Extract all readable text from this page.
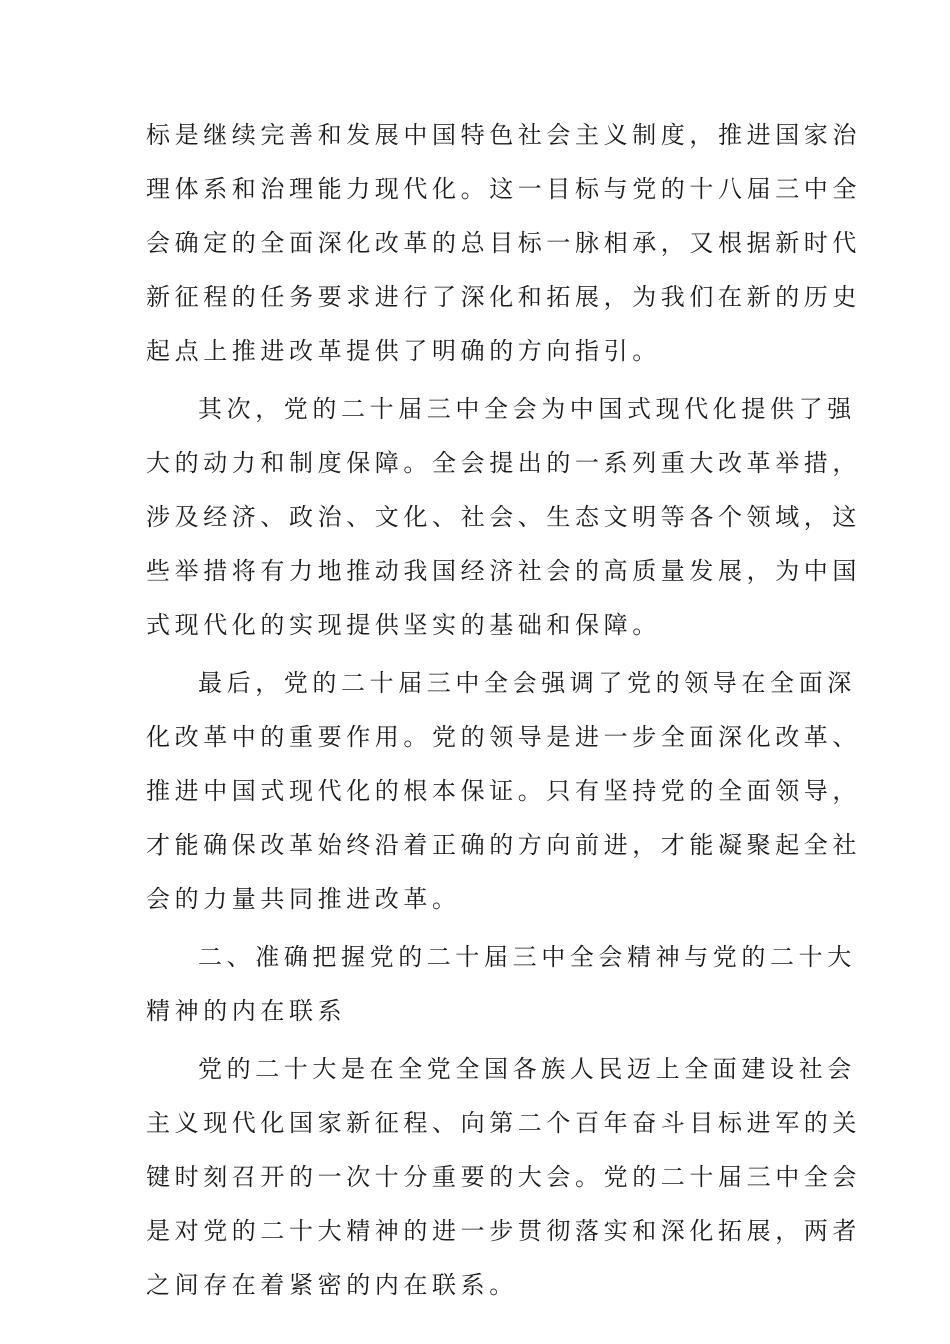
标是继续完善和发展中国特色社会主义制度，推进国家治
理体系和治理能力现代化。这一目标与党的十八届三中全
会确定的全面深化改革的总目标一脉相承，又根据新时代
新征程的任务要求进行了深化和拓展，为我们在新的历史
起点上推进改革提供了明确的方向指引。
其次，党的二十届三中全会为中国式现代化提供了强
大的动力和制度保障。全会提出的一系列重大改革举措，
涉及经济、政治、文化、社会、生态文明等各个领域，这
些举措将有力地推动我国经济社会的高质量发展，为中国
式现代化的实现提供坚实的基础和保障。
最后，党的二十届三中全会强调了党的领导在全面深
化改革中的重要作用。党的领导是进一步全面深化改革、
推进中国式现代化的根本保证。只有坚持党的全面领导，
才能确保改革始终沿着正确的方向前进，才能凝聚起全社
会的力量共同推进改革。
二、准确把握党的二十届三中全会精神与党的二十大
精神的内在联系
党的二十大是在全党全国各族人民迈上全面建设社会
主义现代化国家新征程、向第二个百年奋斗目标进军的关
键时刻召开的一次十分重要的大会。党的二十届三中全会
是对党的二十大精神的进一步贯彻落实和深化拓展，两者
之间存在着紧密的内在联系。
